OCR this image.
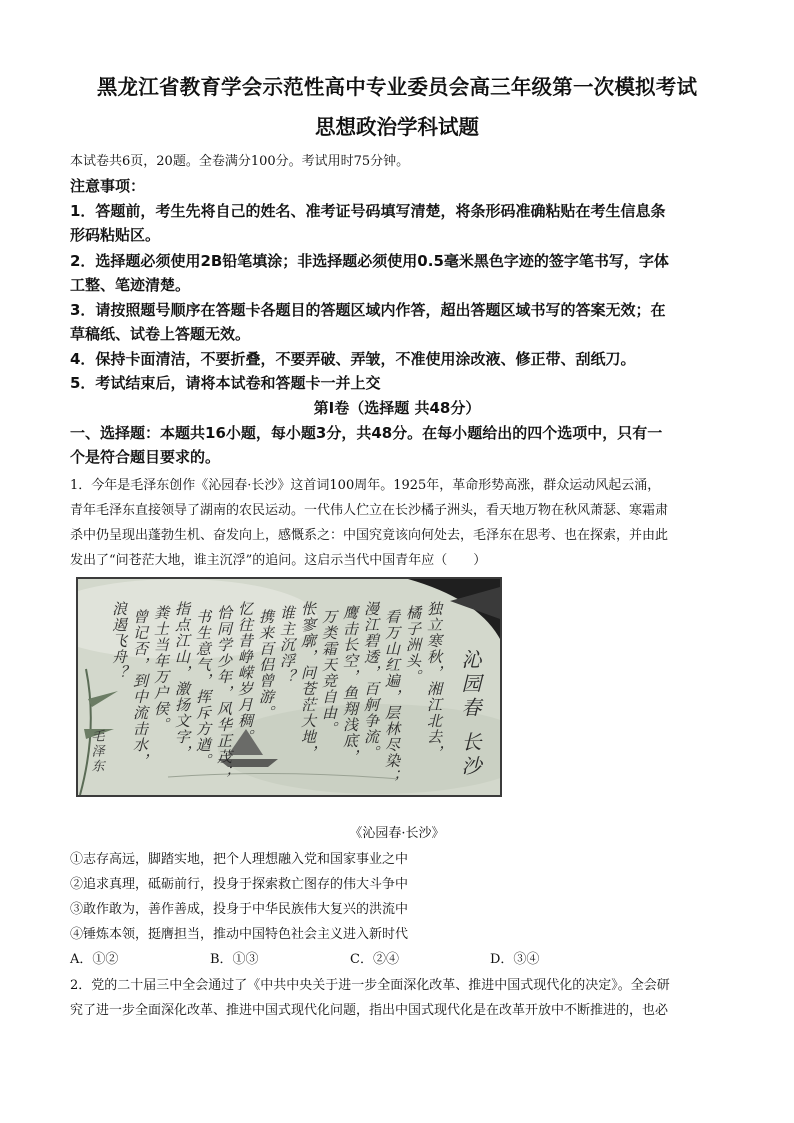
黑龙江省教育学会示范性高中专业委员会高三年级第一次模拟考试
思想政治学科试题
本试卷共6页，20题。全卷满分100分。考试用时75分钟。
注意事项：
1．答题前，考生先将自己的姓名、准考证号码填写清楚，将条形码准确粘贴在考生信息条
形码粘贴区。
2．选择题必须使用2B铅笔填涂；非选择题必须使用0.5毫米黑色字迹的签字笔书写，字体
工整、笔迹清楚。
3．请按照题号顺序在答题卡各题目的答题区域内作答，超出答题区域书写的答案无效；在
草稿纸、试卷上答题无效。
4．保持卡面清洁，不要折叠，不要弄破、弄皱，不准使用涂改液、修正带、刮纸刀。
5．考试结束后，请将本试卷和答题卡一并上交
第Ⅰ卷（选择题 共48分）
一、选择题：本题共16小题，每小题3分，共48分。在每小题给出的四个选项中，只有一
个是符合题目要求的。
1．今年是毛泽东创作《沁园春·长沙》这首词100周年。1925年，革命形势高涨，群众运动风起云涌，
青年毛泽东直接领导了湖南的农民运动。一代伟人伫立在长沙橘子洲头，看天地万物在秋风萧瑟、寒霜肃
杀中仍呈现出蓬勃生机、奋发向上，感慨系之：中国究竟该向何处去，毛泽东在思考、也在探索，并由此
发出了“问苍茫大地，谁主沉浮”的追问。这启示当代中国青年应（　　）
独立寒秋，湘江北去，
橘子洲头。
看万山红遍，层林尽染；
漫江碧透，百舸争流。
鹰击长空，鱼翔浅底，
万类霜天竞自由。
怅寥廓，问苍茫大地，
谁主沉浮？
携来百侣曾游。
忆往昔峥嵘岁月稠。
恰同学少年，风华正茂；
书生意气，挥斥方遒。
指点江山，激扬文字，
粪土当年万户侯。
曾记否，到中流击水，
浪遏飞舟？
沁园春 长沙
毛泽东
《沁园春·长沙》
①志存高远，脚踏实地，把个人理想融入党和国家事业之中
②追求真理，砥砺前行，投身于探索救亡图存的伟大斗争中
③敢作敢为，善作善成，投身于中华民族伟大复兴的洪流中
④锤炼本领，挺膺担当，推动中国特色社会主义进入新时代
A．①②	B．①③	C．②④	D．③④
2．党的二十届三中全会通过了《中共中央关于进一步全面深化改革、推进中国式现代化的决定》。全会研
究了进一步全面深化改革、推进中国式现代化问题，指出中国式现代化是在改革开放中不断推进的，也必
